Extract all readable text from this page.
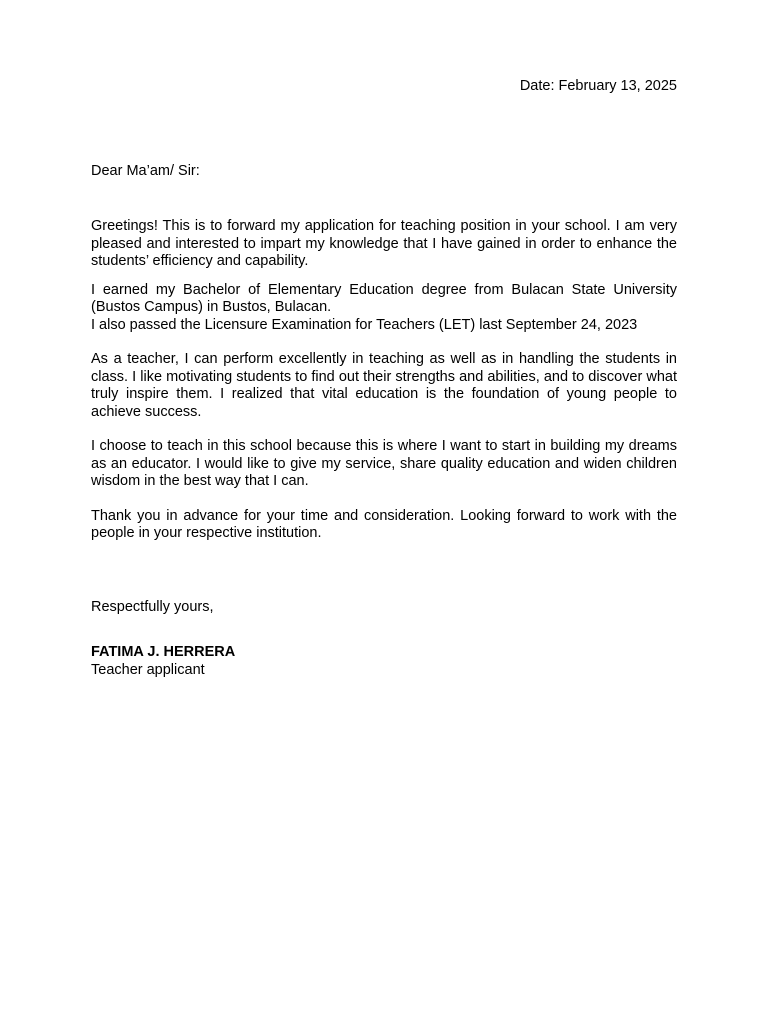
Date: February 13, 2025
Dear Ma’am/ Sir:

Greetings! This is to forward my application for teaching position in your school. I am very pleased and interested to impart my knowledge that I have gained in order to enhance the students’ efficiency and capability.

I earned my Bachelor of Elementary Education degree from Bulacan State University (Bustos Campus) in Bustos, Bulacan.

I also passed the Licensure Examination for Teachers (LET) last September 24, 2023

As a teacher, I can perform excellently in teaching as well as in handling the students in class. I like motivating students to find out their strengths and abilities, and to discover what truly inspire them. I realized that vital education is the foundation of young people to achieve success.

I choose to teach in this school because this is where I want to start in building my dreams as an educator. I would like to give my service, share quality education and widen children wisdom in the best way that I can.

Thank you in advance for your time and consideration. Looking forward to work with the people in your respective institution.

Respectfully yours,
FATIMA J. HERRERA
Teacher applicant
